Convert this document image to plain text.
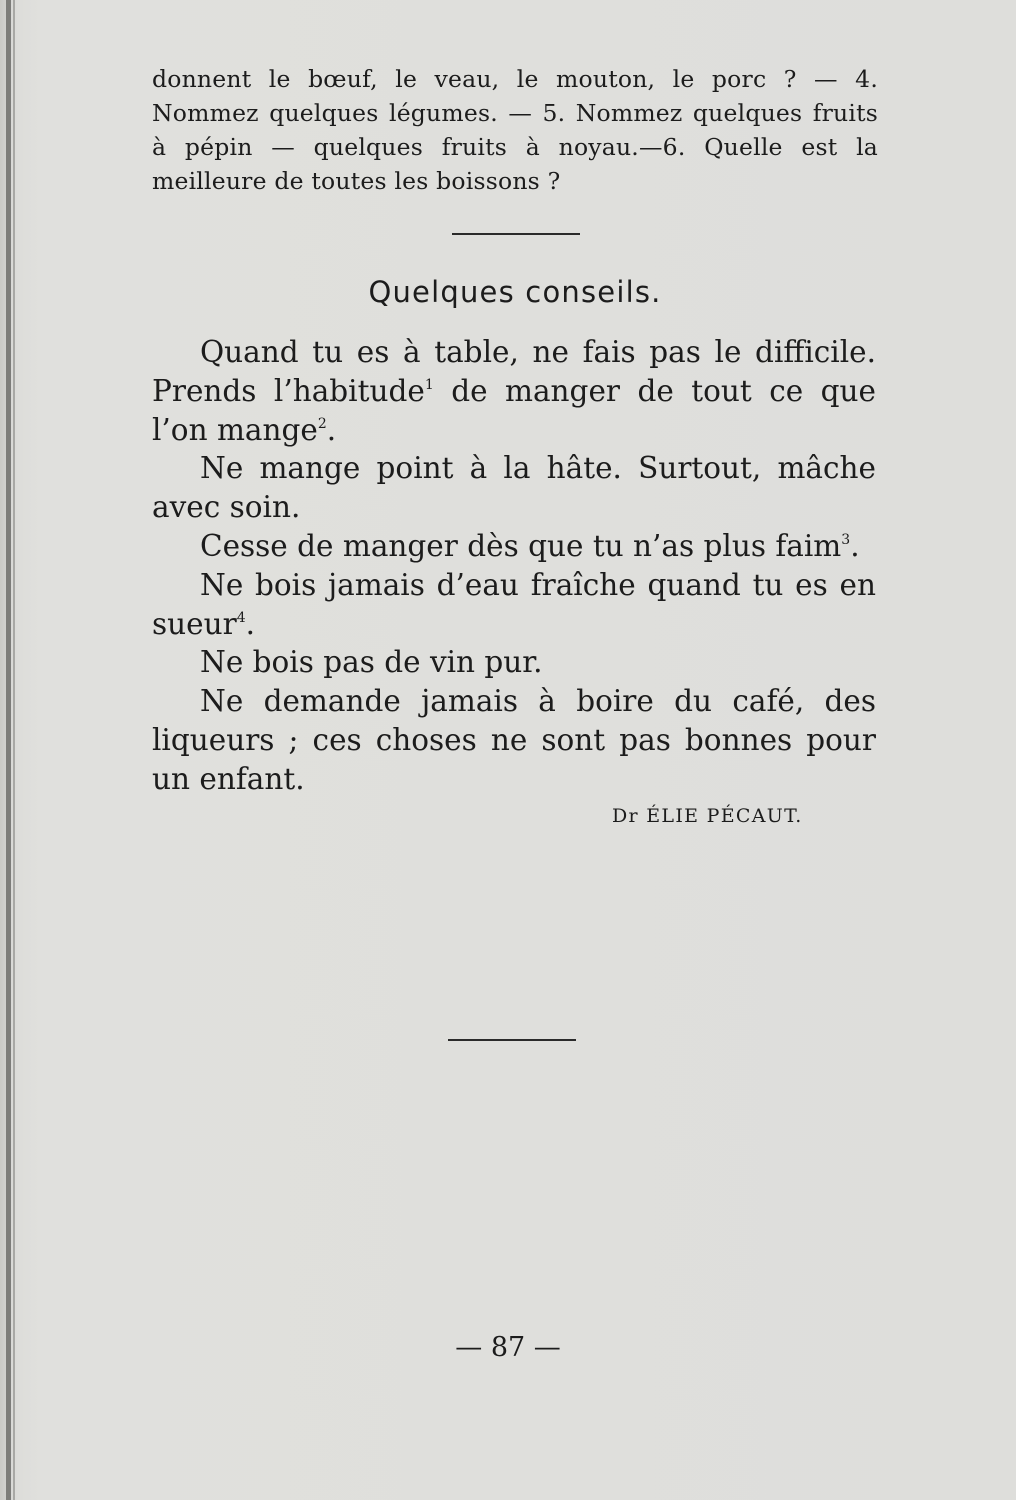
donnent le bœuf, le veau, le mouton, le porc ? — 4. Nommez quelques légumes. — 5. Nommez quelques fruits à pépin — quelques fruits à noyau.—6. Quelle est la meilleure de toutes les boissons ?
Quelques conseils.

Quand tu es à table, ne fais pas le difficile. Prends l’habitude$^1$ de manger de tout ce que l’on mange$^2$.

Ne mange point à la hâte. Surtout, mâche avec soin.

Cesse de manger dès que tu n’as plus faim$^3$.

Ne bois jamais d’eau fraîche quand tu es en sueur$^4$.

Ne bois pas de vin pur.

Ne demande jamais à boire du café, des liqueurs ; ces choses ne sont pas bonnes pour un enfant.

Dr ÉLIE PÉCAUT.
— 87 —
